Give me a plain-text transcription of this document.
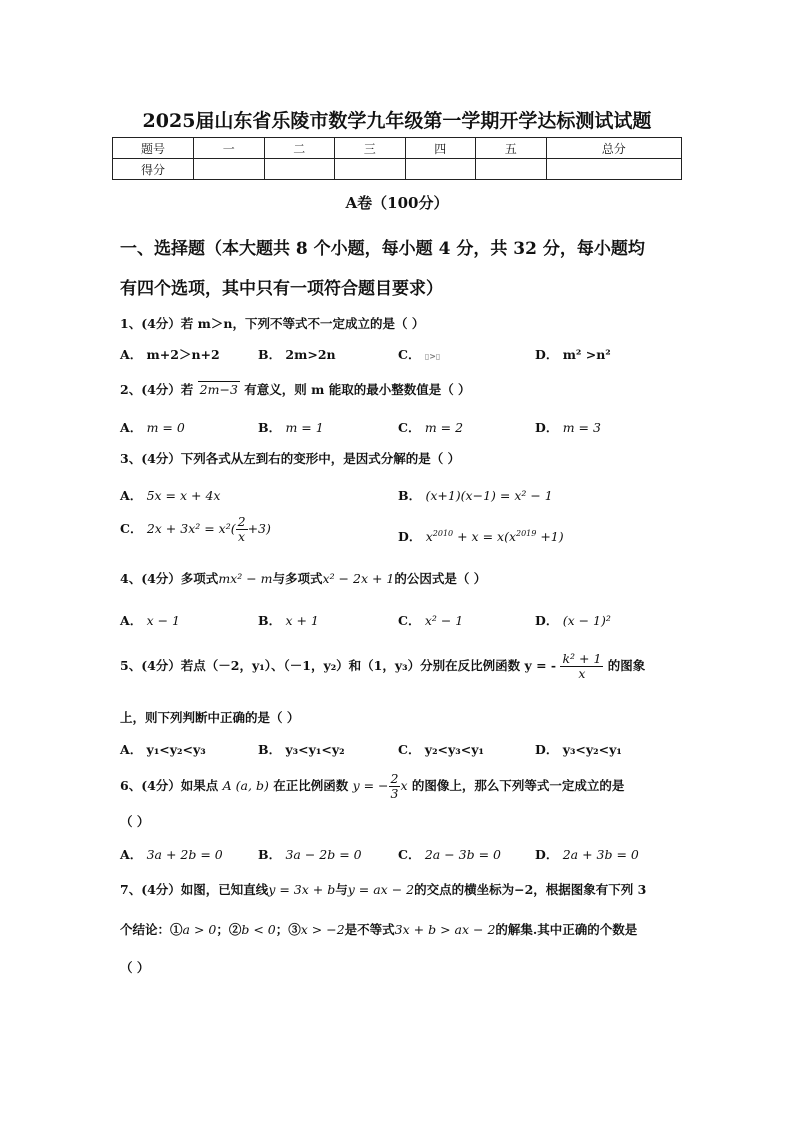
2025届山东省乐陵市数学九年级第一学期开学达标测试试题
题号	一	二	三	四	五	总分
得分						
A卷（100分）
一、选择题（本大题共 8 个小题，每小题 4 分，共 32 分，每小题均
有四个选项，其中只有一项符合题目要求）
1、(4分）若 m＞n，下列不等式不一定成立的是（ ）
A． m+2＞n+2	B． 2m>2n	C． ▯>▯	D． m² >n²
2、(4分）若 2m−3 有意义，则 m 能取的最小整数值是（ ）
A． m = 0	B． m = 1	C． m = 2	D． m = 3
3、(4分）下列各式从左到右的变形中，是因式分解的是（ ）
A． 5x = x + 4x	B． (x+1)(x−1) = x² − 1
C． $2x + 3x^2 = x^2( \frac{2}{x} +3)$
D． $x^{2010} + x = x(x^{2019} +1)$
4、(4分）多项式mx² − m与多项式x² − 2x + 1的公因式是（ ）
A． x − 1	B． x + 1	C． x² − 1	D． (x − 1)²
5、(4分）若点（－2，y₁）、（－1，y₂）和（1，y₃）分别在反比例函数 y = - $\frac{\text{k² + 1}}{x}$ 的图象
上，则下列判断中正确的是（ ）
A． y₁<y₂<y₃	B． y₃<y₁<y₂	C． y₂<y₃<y₁	D． y₃<y₂<y₁
6、(4分）如果点 A (a, b) 在正比例函数 y = − $\frac{2}{3}$ x 的图像上，那么下列等式一定成立的是
（ ）
A． 3a + 2b = 0	B． 3a − 2b = 0	C． 2a − 3b = 0	D． 2a + 3b = 0
7、(4分）如图，已知直线y = 3x + b与y = ax − 2的交点的横坐标为−2，根据图象有下列 3
个结论：①a > 0；②b < 0；③x > −2是不等式3x + b > ax − 2的解集.其中正确的个数是
（ ）
